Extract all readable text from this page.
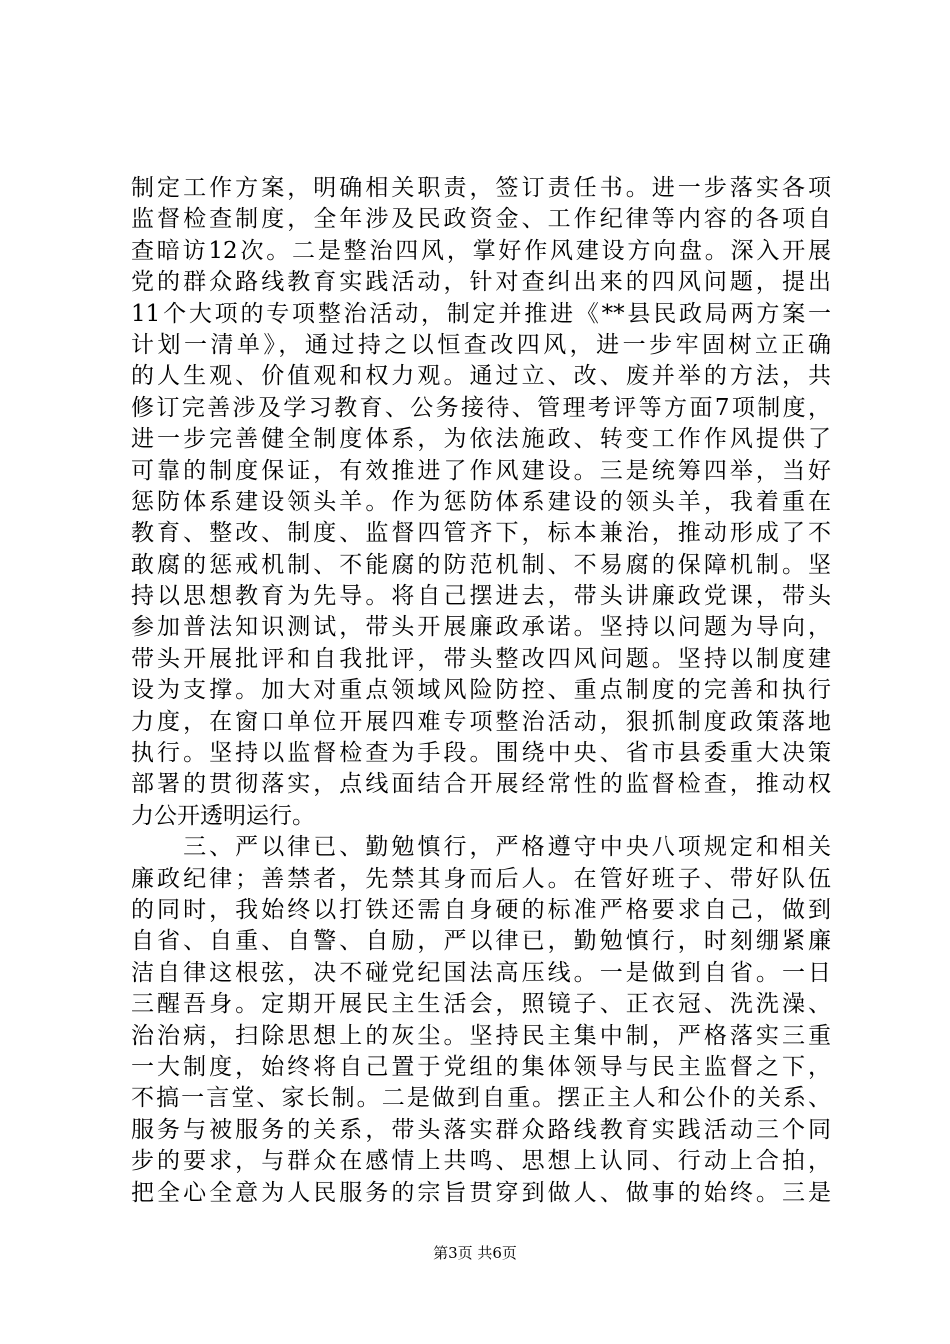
制定工作方案，明确相关职责，签订责任书。进一步落实各项
监督检查制度，全年涉及民政资金、工作纪律等内容的各项自
查暗访12次。二是整治四风，掌好作风建设方向盘。深入开展
党的群众路线教育实践活动，针对查纠出来的四风问题，提出
11个大项的专项整治活动，制定并推进《**县民政局两方案一
计划一清单》，通过持之以恒查改四风，进一步牢固树立正确
的人生观、价值观和权力观。通过立、改、废并举的方法，共
修订完善涉及学习教育、公务接待、管理考评等方面7项制度，
进一步完善健全制度体系，为依法施政、转变工作作风提供了
可靠的制度保证，有效推进了作风建设。三是统筹四举，当好
惩防体系建设领头羊。作为惩防体系建设的领头羊，我着重在
教育、整改、制度、监督四管齐下，标本兼治，推动形成了不
敢腐的惩戒机制、不能腐的防范机制、不易腐的保障机制。坚
持以思想教育为先导。将自己摆进去，带头讲廉政党课，带头
参加普法知识测试，带头开展廉政承诺。坚持以问题为导向，
带头开展批评和自我批评，带头整改四风问题。坚持以制度建
设为支撑。加大对重点领域风险防控、重点制度的完善和执行
力度，在窗口单位开展四难专项整治活动，狠抓制度政策落地
执行。坚持以监督检查为手段。围绕中央、省市县委重大决策
部署的贯彻落实，点线面结合开展经常性的监督检查，推动权
力公开透明运行。
　　三、严以律已、勤勉慎行，严格遵守中央八项规定和相关
廉政纪律；善禁者，先禁其身而后人。在管好班子、带好队伍
的同时，我始终以打铁还需自身硬的标准严格要求自己，做到
自省、自重、自警、自励，严以律已，勤勉慎行，时刻绷紧廉
洁自律这根弦，决不碰党纪国法高压线。一是做到自省。一日
三醒吾身。定期开展民主生活会，照镜子、正衣冠、洗洗澡、
治治病，扫除思想上的灰尘。坚持民主集中制，严格落实三重
一大制度，始终将自己置于党组的集体领导与民主监督之下，
不搞一言堂、家长制。二是做到自重。摆正主人和公仆的关系、
服务与被服务的关系，带头落实群众路线教育实践活动三个同
步的要求，与群众在感情上共鸣、思想上认同、行动上合拍，
把全心全意为人民服务的宗旨贯穿到做人、做事的始终。三是
第3页 共6页
